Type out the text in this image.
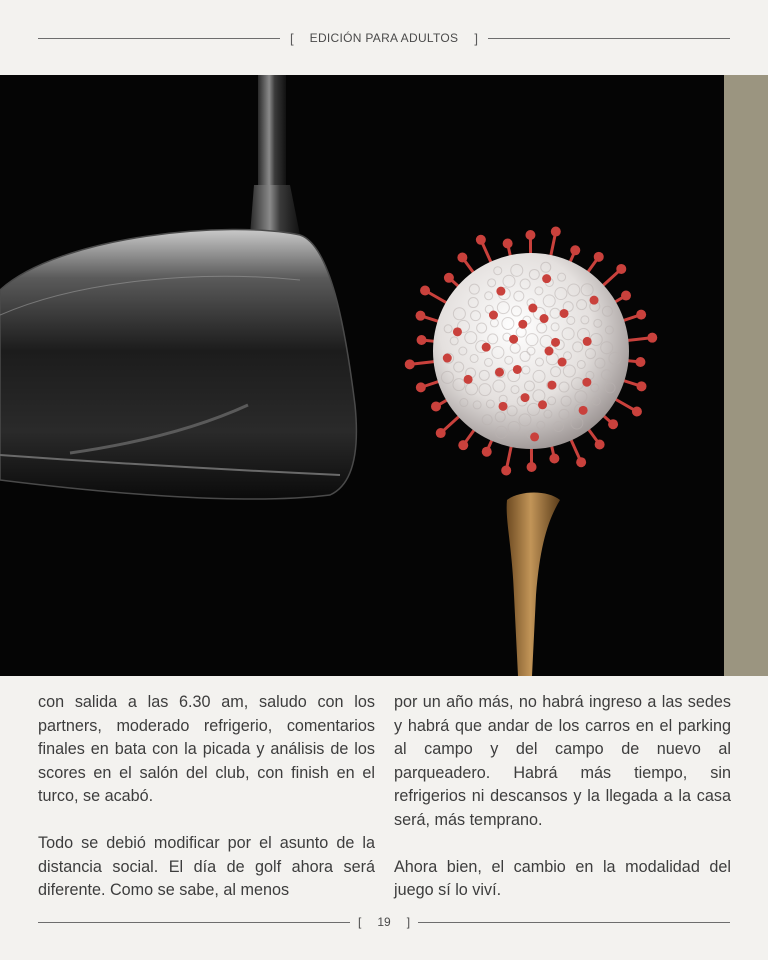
[	EDICIÓN PARA ADULTOS	]

con salida a las 6.30 am, saludo con los partners, moderado refrigerio, comentarios finales en bata con la picada y análisis de los scores en el salón del club, con finish en el turco, se acabó.

Todo se debió modificar por el asunto de la distancia social. El día de golf ahora será diferente. Como se sabe, al menos

por un año más, no habrá ingreso a las sedes y habrá que andar de los carros en el parking al campo y del campo de nuevo al parqueadero. Habrá más tiempo, sin refrigerios ni descansos y la llegada a la casa será, más temprano.

Ahora bien, el cambio en la modalidad del juego sí lo viví.

[	19	]
